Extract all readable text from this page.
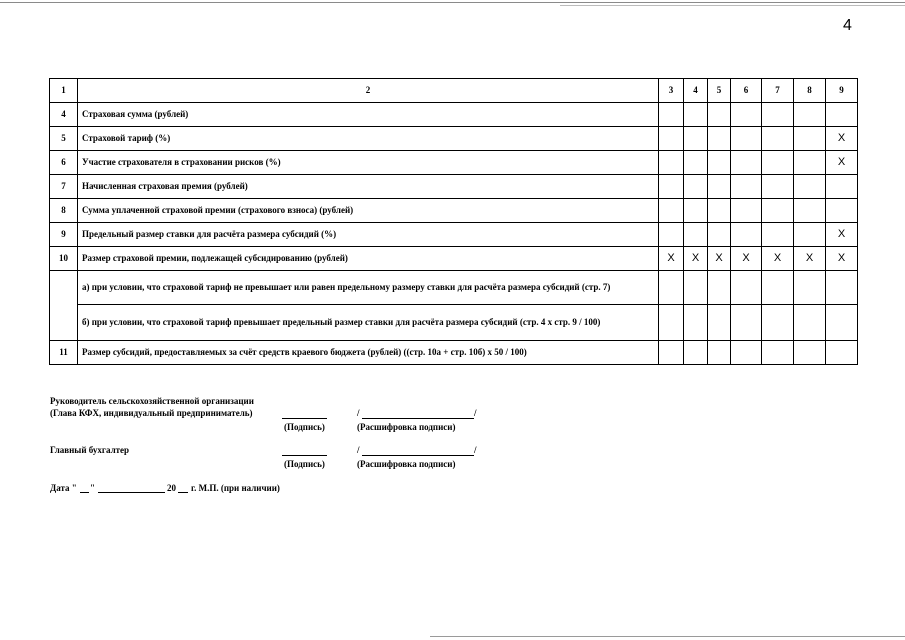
4
1	2	3	4	5	6	7	8	9
4	Страховая сумма (рублей)							
5	Страховой тариф (%)							X
6	Участие страхователя в страховании рисков (%)							X
7	Начисленная страховая премия (рублей)							
8	Сумма уплаченной страховой премии (страхового взноса) (рублей)							
9	Предельный размер ставки для расчёта размера субсидий (%)							X
10	Размер страховой премии, подлежащей субсидированию (рублей)	X	X	X	X	X	X	X
	а) при условии, что страховой тариф не превышает или равен предельному размеру ставки для расчёта размера субсидий (стр. 7)							
	б) при условии, что страховой тариф превышает предельный размер ставки для расчёта размера субсидий (стр. 4 х стр. 9 / 100)							
11	Размер субсидий, предоставляемых за счёт средств краевого бюджета (рублей) ((стр. 10а + стр. 10б) х 50 / 100)							
Руководитель сельскохозяйственной организации
(Глава КФХ, индивидуальный предприниматель)	/	/
(Подпись)	(Расшифровка подписи)
Главный бухгалтер	/	/
(Подпись)	(Расшифровка подписи)
Дата " "	20 г. М.П. (при наличии)
